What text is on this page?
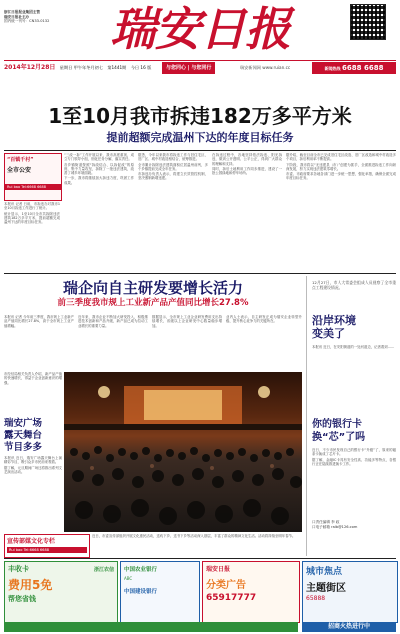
浙江日报报业集团主管
瑞安日报社主办
国内统一刊号：CN33-0132	瑞安日报
2014年12月28日 星期日 甲午年冬月初七 第1441期 今日 16 版	与您同心 | 与您同行	瑞安新闻网 www.ruian.cc	新闻热线 6688 6688
1至10月我市拆违182万多平方米
提前超额完成温州下达的年度目标任务
“百镇千村”
全市公安
Rui bao Tel:6668 6688

本报讯 记者 日前，市拆违办对我市1至10月拆违工作进行了统计。

统计显示，1至10月全市共拆除违法建筑182万多平方米，提前超额完成温州下达的年度目标任务。

“三改一拆”工作开展以来，我市高度重视，成立专门领导小组，细化任务分解，落实责任。

各乡镇街道按照“拆改结合、以拆促改”的原则，集中力量攻坚，拆除了一批违法建筑，改善了城乡环境面貌。

下一步，我市将继续加大拆违力度，巩固工作成果。

据悉，今年以来我市将拆违工作与旧住宅区、旧厂区、城中村改造相结合，统筹推进。

全市累计拆除违法建筑面积位居温州前列，多个乡镇提前完成全年任务。

市拆违办负责人表示，将建立长效管控机制，坚决遏制新增违建。

在拆违过程中，各地坚持依法拆违、阳光拆违，做到公开透明、公平公正，得到广大群众的理解和支持。

同时，拆后土地利用工作同步推进，建设了一批公园绿地和停车场所。

据介绍，截至目前全市已完成旧住宅区改造、旧厂区改造和城中村改造多个项目，拆后利用率不断提高。

下阶段，我市将以“无违建县（市）”创建为抓手，全面推进拆违工作向纵深发展，努力实现违法建筑零增长。

市委、市政府要求各地各部门进一步统一思想，强化举措，确保全面完成年度目标任务。

瑞企向自主研发要增长活力
前三季度我市规上工业新产品产值同比增长27.8%

本报讯 记者 今年前三季度，我市规上工业新产品产值同比增长27.8%，高于全市规上工业产值增幅。

近年来，我市企业不断加大研发投入，积极推进技术创新和产品升级，新产品已成为拉动工业增长的重要力量。

数据显示，全市规上工业企业研发费用支出持续增长，省级以上企业研发中心数量稳步增加。

业内人士表示，自主研发正成为瑞安企业转型升级、提升核心竞争力的关键所在。

瑞安广场
露天舞台
节目多多

本报讯 近日，瑞安广场露天舞台上演精彩节目，吸引众多市民前来观看。

据了解，元旦期间广场还将推出系列文艺演出活动。

市经信局相关负责人介绍，新产品产值的快速增长，得益于企业创新意识的增强。

宣传部媒文化专栏
Rui bao Tel:6668 6688

近日，市委宣传部组织开展文化惠民活动，送戏下乡、送书下乡等活动深入基层，丰富了群众的精神文化生活。活动将持续至明年春节。

12月27日，市人大常委会组成人员视察了全市重点工程建设情况。
沿岸环境
变美了
本报讯 近日，在安阳街道的一处河道边，记者看到……
你的银行卡
换“芯”了吗

近日，不少市民发现自己的银行卡“升级”了，原来的磁条卡换成了芯片卡。

据了解，金融IC卡具有安全性高、功能多等特点，各银行正在陆续推进换卡工作。

口责任编辑 李 政
口电子邮箱 ralb@126.com
丰收卡
费用5免
帮您省钱
浙江农信	中国农业银行
ABC
中国建设银行
瑞安日报
分类广告
65917777
城市焦点
主题街区
65888
招商火热进行中
